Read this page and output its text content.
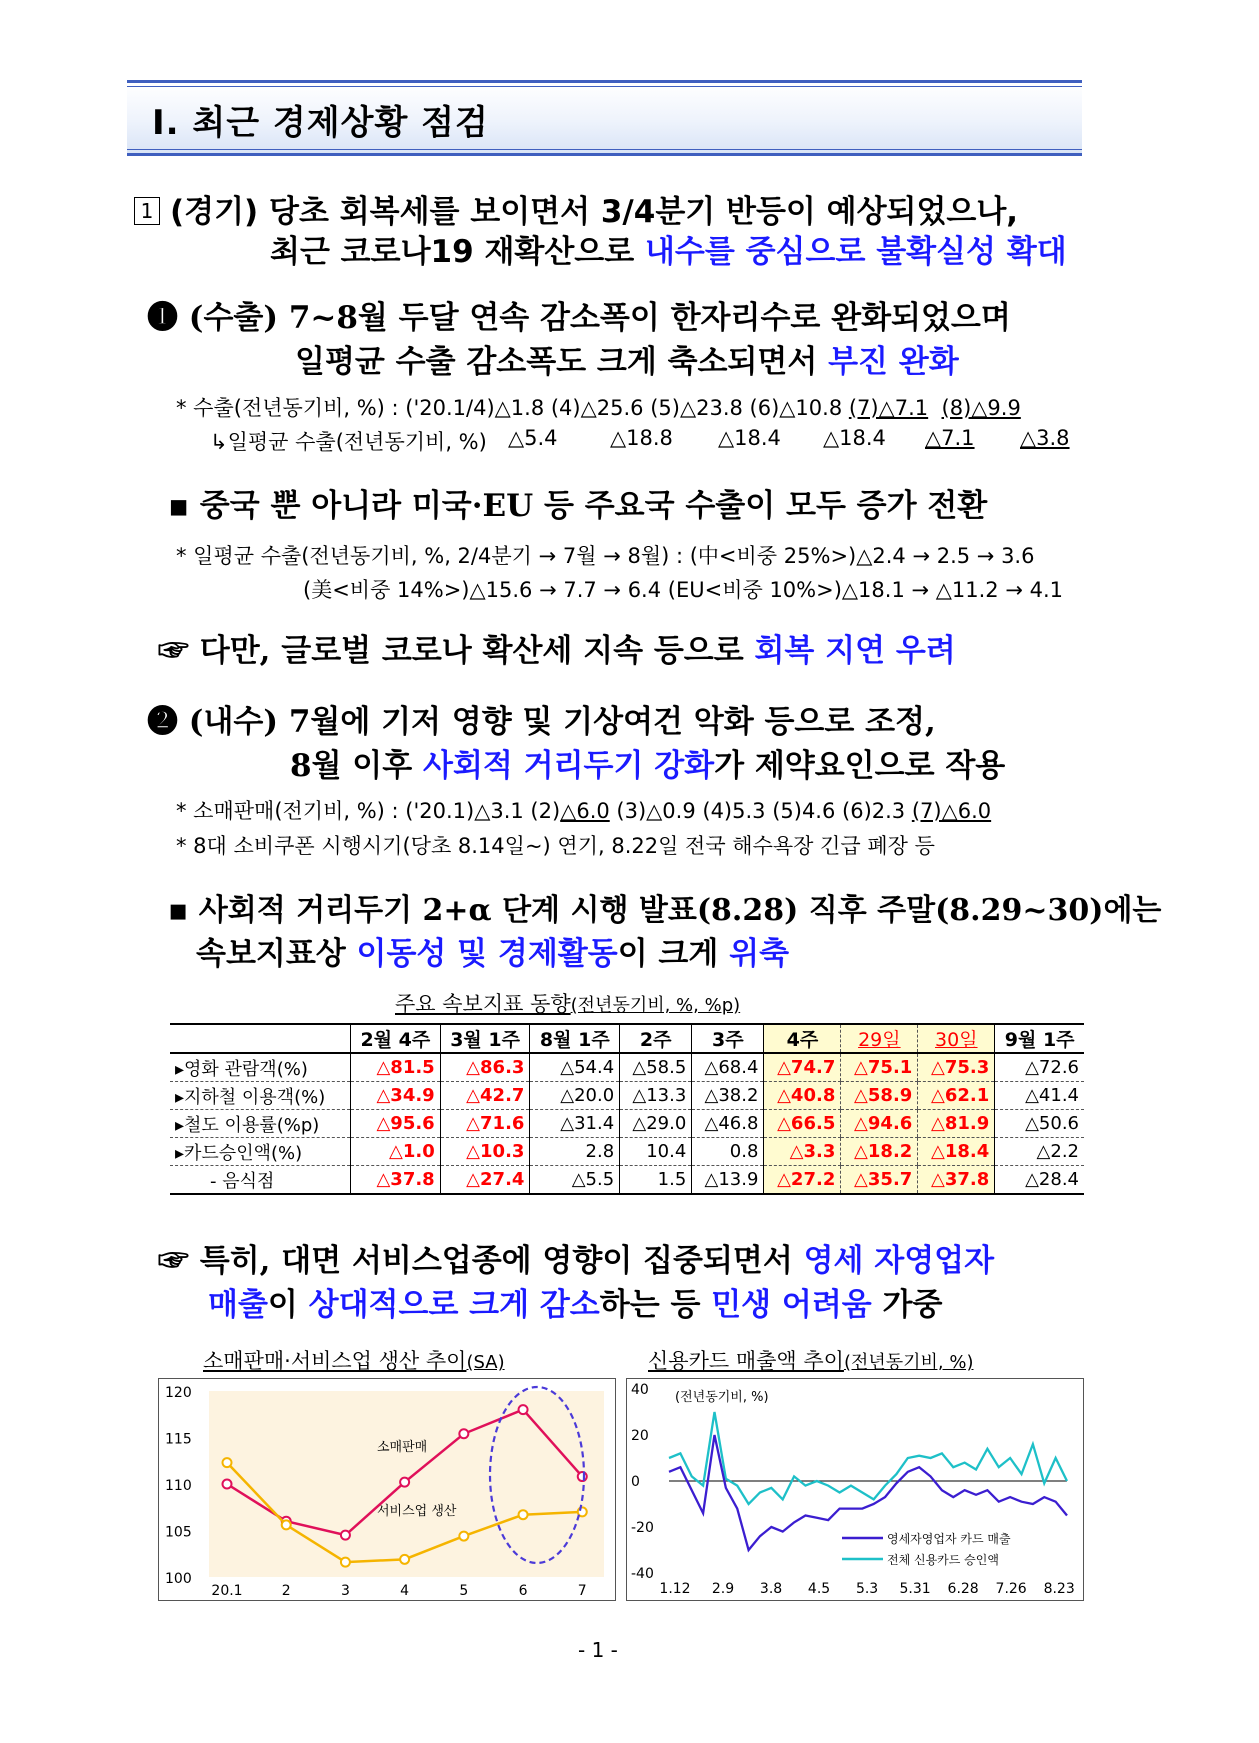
Ⅰ. 최근 경제상황 점검
1 (경기) 당초 회복세를 보이면서 3/4분기 반등이 예상되었으나,
최근 코로나19 재확산으로 내수를 중심으로 불확실성 확대
❶ (수출) 7~8월 두달 연속 감소폭이 한자리수로 완화되었으며
일평균 수출 감소폭도 크게 축소되면서 부진 완화
* 수출(전년동기비, %) : ('20.1/4)△1.8 (4)△25.6 (5)△23.8 (6)△10.8 (7)△7.1 (8)△9.9
↳일평균 수출(전년동기비, %) △5.4 △18.8 △18.4 △18.4 △7.1 △3.8
▪ 중국 뿐 아니라 미국·EU 등 주요국 수출이 모두 증가 전환
* 일평균 수출(전년동기비, %, 2/4분기 → 7월 → 8월) : (中<비중 25%>)△2.4 → 2.5 → 3.6
(美<비중 14%>)△15.6 → 7.7 → 6.4 (EU<비중 10%>)△18.1 → △11.2 → 4.1
☞ 다만, 글로벌 코로나 확산세 지속 등으로 회복 지연 우려
❷ (내수) 7월에 기저 영향 및 기상여건 악화 등으로 조정,
8월 이후 사회적 거리두기 강화가 제약요인으로 작용
* 소매판매(전기비, %) : ('20.1)△3.1 (2)△6.0 (3)△0.9 (4)5.3 (5)4.6 (6)2.3 (7)△6.0
* 8대 소비쿠폰 시행시기(당초 8.14일~) 연기, 8.22일 전국 해수욕장 긴급 폐장 등
▪ 사회적 거리두기 2+α 단계 시행 발표(8.28) 직후 주말(8.29~30)에는
속보지표상 이동성 및 경제활동이 크게 위축
주요 속보지표 동향(전년동기비, %, %p)
	2월 4주	3월 1주	8월 1주	2주	3주	4주	29일	30일	9월 1주
▸영화 관람객(%)	△81.5	△86.3	△54.4	△58.5	△68.4	△74.7	△75.1	△75.3	△72.6
▸지하철 이용객(%)	△34.9	△42.7	△20.0	△13.3	△38.2	△40.8	△58.9	△62.1	△41.4
▸철도 이용률(%p)	△95.6	△71.6	△31.4	△29.0	△46.8	△66.5	△94.6	△81.9	△50.6
▸카드승인액(%)	△1.0	△10.3	2.8	10.4	0.8	△3.3	△18.2	△18.4	△2.2
- 음식점	△37.8	△27.4	△5.5	1.5	△13.9	△27.2	△35.7	△37.8	△28.4
☞ 특히, 대면 서비스업종에 영향이 집중되면서 영세 자영업자
매출이 상대적으로 크게 감소하는 등 민생 어려움 가중
소매판매·서비스업 생산 추이(SA)	신용카드 매출액 추이(전년동기비, %)
100
105
110
115
120
20.1	2	3	4	5	6	7
소매판매
서비스업 생산
-40
-20
0
20
40
1.12 2.9 3.8 4.5 5.3 5.31 6.28 7.26 8.23
(전년동기비, %)
영세자영업자 카드 매출
전체 신용카드 승인액
- 1 -
